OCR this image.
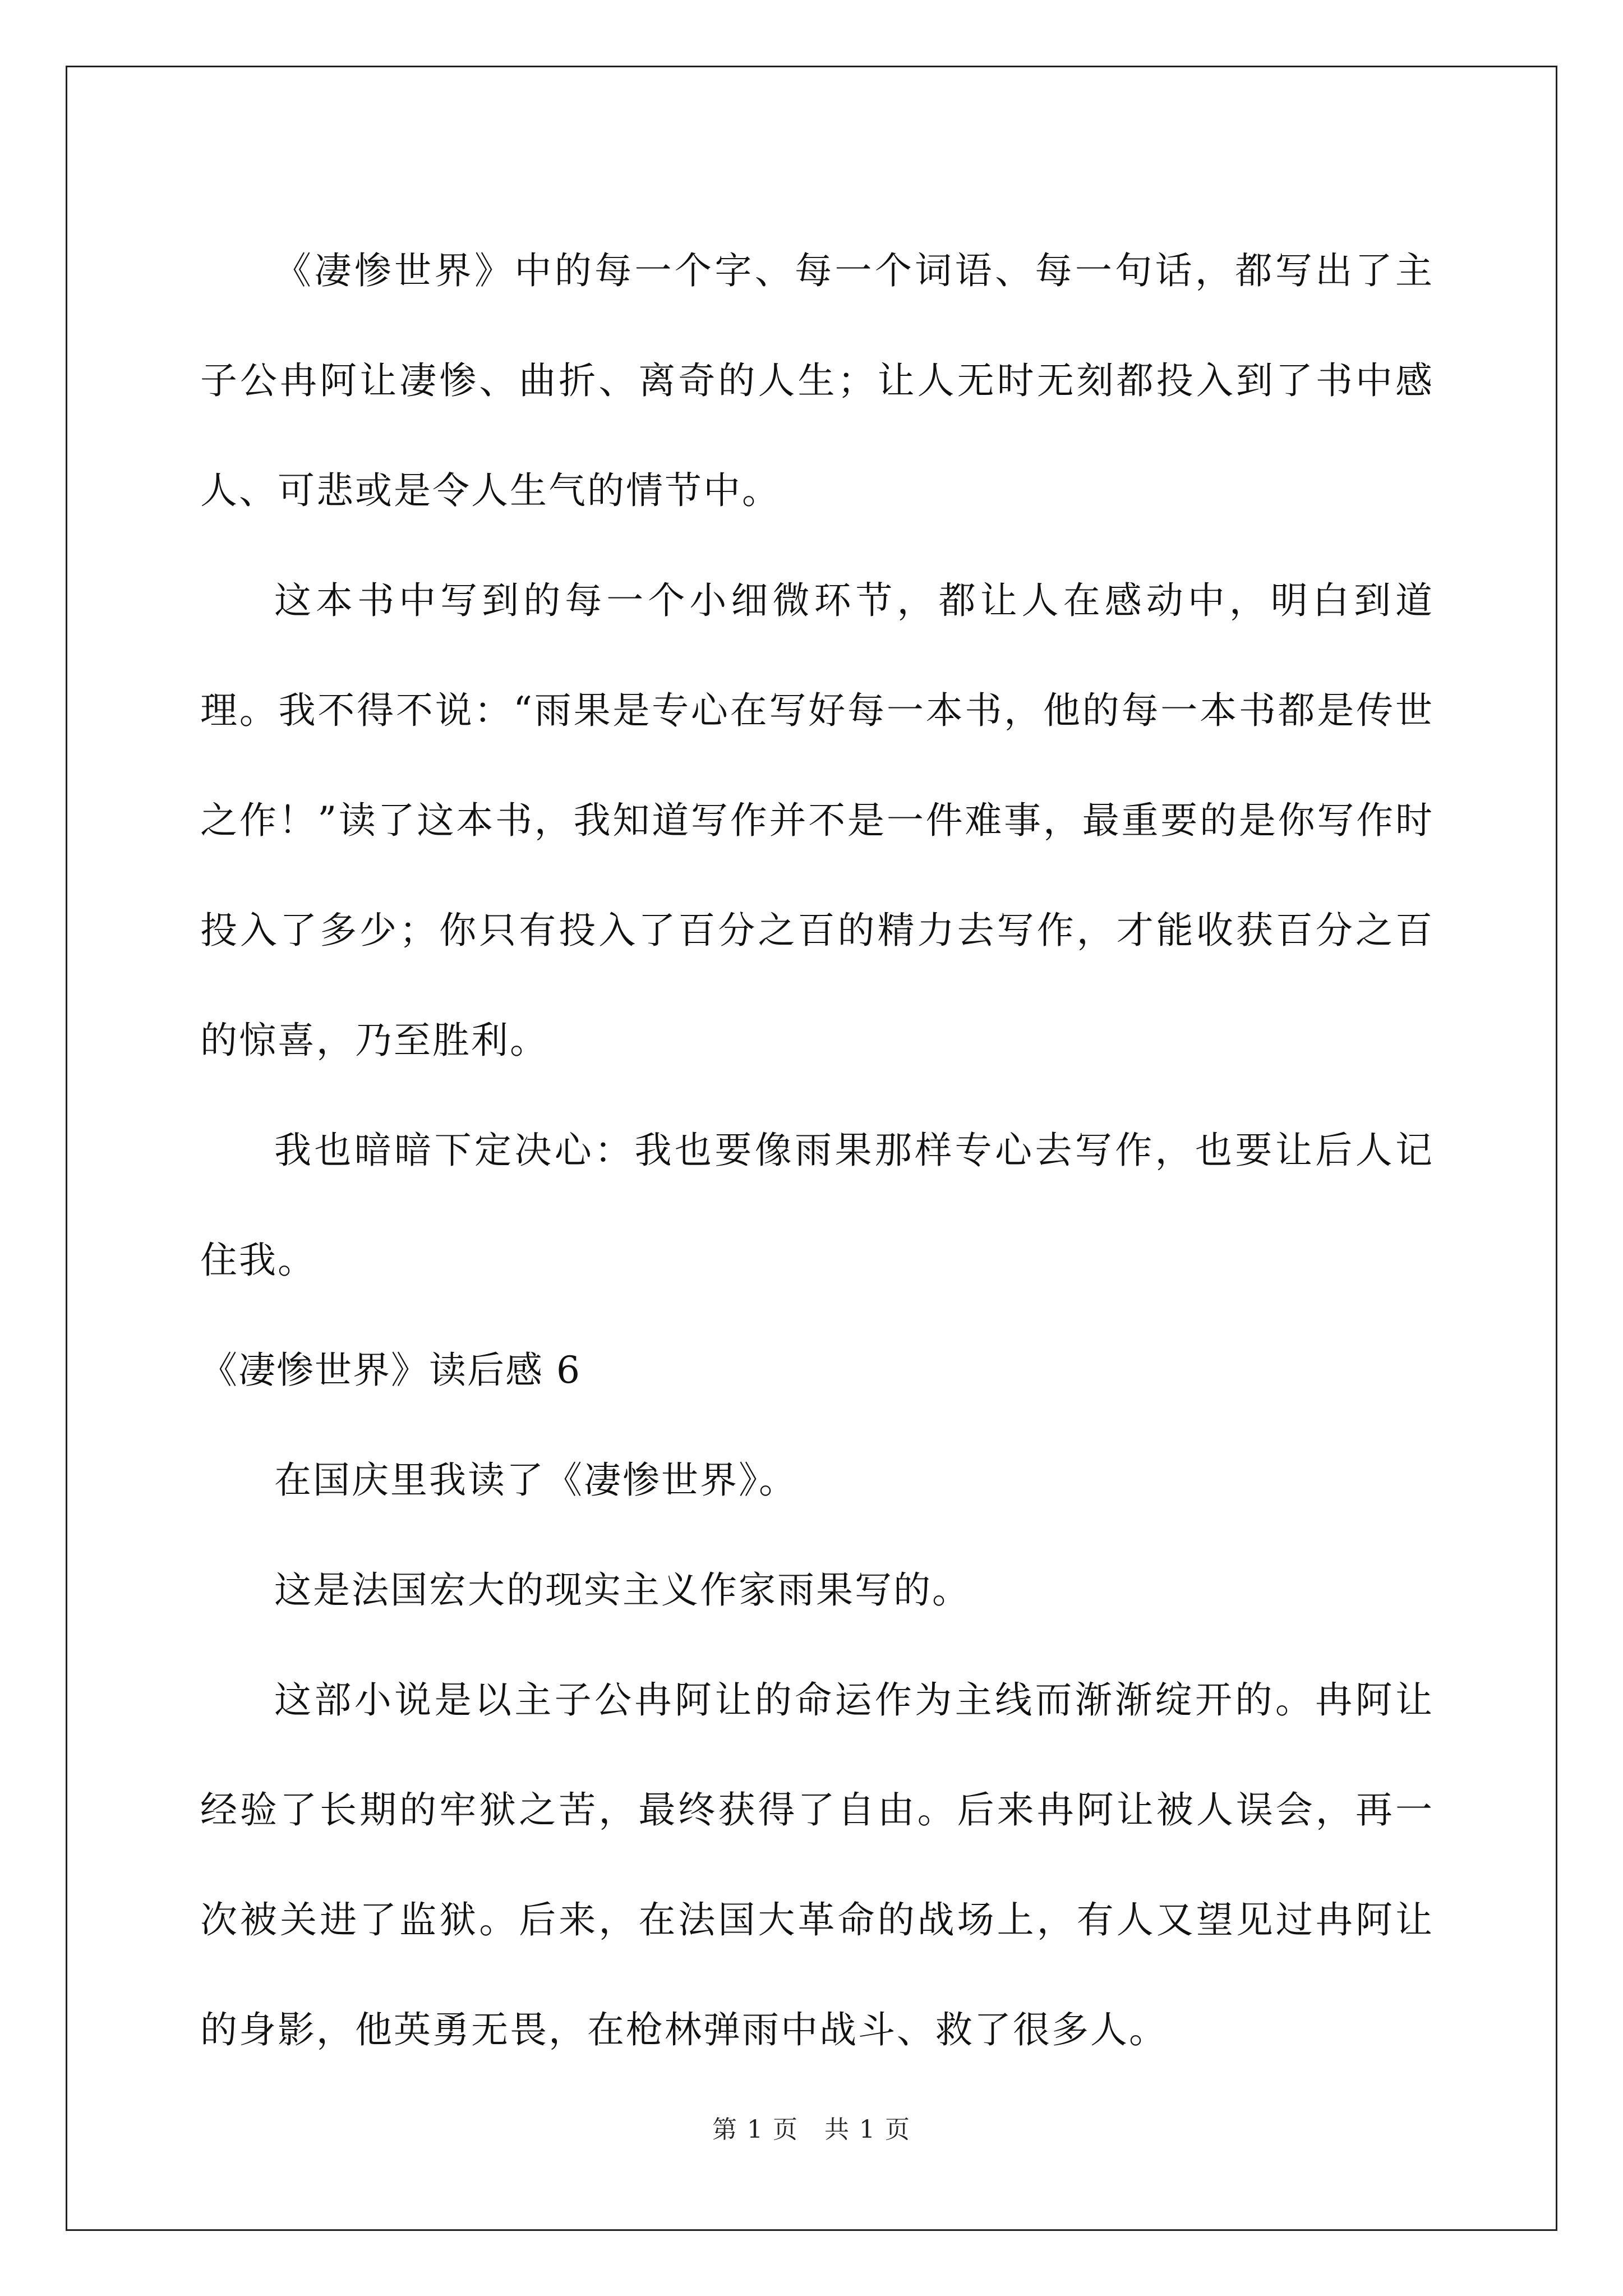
《凄惨世界》中的每一个字、每一个词语、每一句话，都写出了主子公冉阿让凄惨、曲折、离奇的人生；让人无时无刻都投入到了书中感人、可悲或是令人生气的情节中。

这本书中写到的每一个小细微环节，都让人在感动中，明白到道理。我不得不说：“雨果是专心在写好每一本书，他的每一本书都是传世之作！”读了这本书，我知道写作并不是一件难事，最重要的是你写作时投入了多少；你只有投入了百分之百的精力去写作，才能收获百分之百的惊喜，乃至胜利。

我也暗暗下定决心：我也要像雨果那样专心去写作，也要让后人记住我。

《凄惨世界》读后感 6

在国庆里我读了《凄惨世界》。

这是法国宏大的现实主义作家雨果写的。

这部小说是以主子公冉阿让的命运作为主线而渐渐绽开的。冉阿让经验了长期的牢狱之苦，最终获得了自由。后来冉阿让被人误会，再一次被关进了监狱。后来，在法国大革命的战场上，有人又望见过冉阿让的身影，他英勇无畏，在枪林弹雨中战斗、救了很多人。

第 1 页　共 1 页
